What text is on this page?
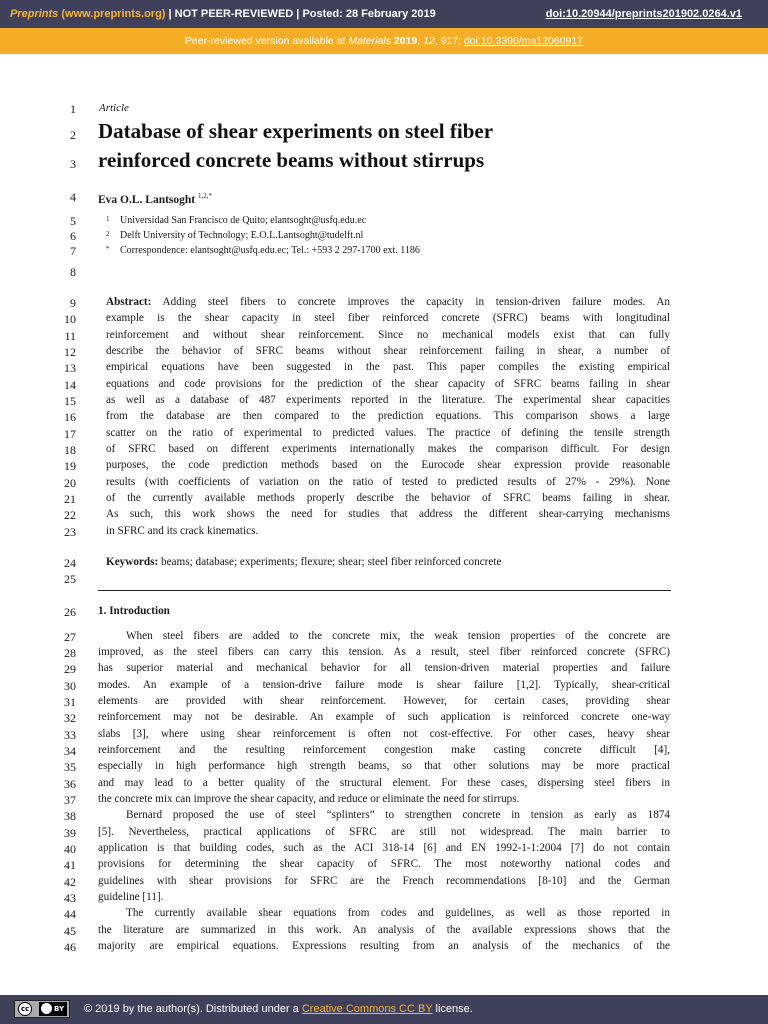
Preprints (www.preprints.org) | NOT PEER-REVIEWED | Posted: 28 February 2019	doi:10.20944/preprints201902.0264.v1
Peer-reviewed version available at Materials 2019, 12, 917; doi:10.3390/ma12060917
1
2
3
4
5
6
7
8
9
10
11
12
13
14
15
16
17
18
19
20
21
22
23
24
25
26
27
28
29
30
31
32
33
34
35
36
37
38
39
40
41
42
43
44
45
46
Article
Database of shear experiments on steel fiber
reinforced concrete beams without stirrups
Eva O.L. Lantsoght $^{1,2,*}$
1 Universidad San Francisco de Quito; elantsoght@usfq.edu.ec
2 Delft University of Technology; E.O.L.Lantsoght@tudelft.nl
* Correspondence: elantsoght@usfq.edu.ec; Tel.: +593 2 297-1700 ext. 1186
Abstract: Adding steel fibers to concrete improves the capacity in tension-driven failure modes. An
example is the shear capacity in steel fiber reinforced concrete (SFRC) beams with longitudinal
reinforcement and without shear reinforcement. Since no mechanical models exist that can fully
describe the behavior of SFRC beams without shear reinforcement failing in shear, a number of
empirical equations have been suggested in the past. This paper compiles the existing empirical
equations and code provisions for the prediction of the shear capacity of SFRC beams failing in shear
as well as a database of 487 experiments reported in the literature. The experimental shear capacities
from the database are then compared to the prediction equations. This comparison shows a large
scatter on the ratio of experimental to predicted values. The practice of defining the tensile strength
of SFRC based on different experiments internationally makes the comparison difficult. For design
purposes, the code prediction methods based on the Eurocode shear expression provide reasonable
results (with coefficients of variation on the ratio of tested to predicted results of 27% - 29%). None
of the currently available methods properly describe the behavior of SFRC beams failing in shear.
As such, this work shows the need for studies that address the different shear-carrying mechanisms
in SFRC and its crack kinematics.
Keywords: beams; database; experiments; flexure; shear; steel fiber reinforced concrete
1. Introduction
When steel fibers are added to the concrete mix, the weak tension properties of the concrete are
improved, as the steel fibers can carry this tension. As a result, steel fiber reinforced concrete (SFRC)
has superior material and mechanical behavior for all tension-driven material properties and failure
modes. An example of a tension-drive failure mode is shear failure [1,2]. Typically, shear-critical
elements are provided with shear reinforcement. However, for certain cases, providing shear
reinforcement may not be desirable. An example of such application is reinforced concrete one-way
slabs [3], where using shear reinforcement is often not cost-effective. For other cases, heavy shear
reinforcement and the resulting reinforcement congestion make casting concrete difficult [4],
especially in high performance high strength beams, so that other solutions may be more practical
and may lead to a better quality of the structural element. For these cases, dispersing steel fibers in
the concrete mix can improve the shear capacity, and reduce or eliminate the need for stirrups.
Bernard proposed the use of steel “splinters” to strengthen concrete in tension as early as 1874
[5]. Nevertheless, practical applications of SFRC are still not widespread. The main barrier to
application is that building codes, such as the ACI 318-14 [6] and EN 1992-1-1:2004 [7] do not contain
provisions for determining the shear capacity of SFRC. The most noteworthy national codes and
guidelines with shear provisions for SFRC are the French recommendations [8-10] and the German
guideline [11].
The currently available shear equations from codes and guidelines, as well as those reported in
the literature are summarized in this work. An analysis of the available expressions shows that the
majority are empirical equations. Expressions resulting from an analysis of the mechanics of the
cc	BY © 2019 by the author(s). Distributed under a Creative Commons CC BY license.
